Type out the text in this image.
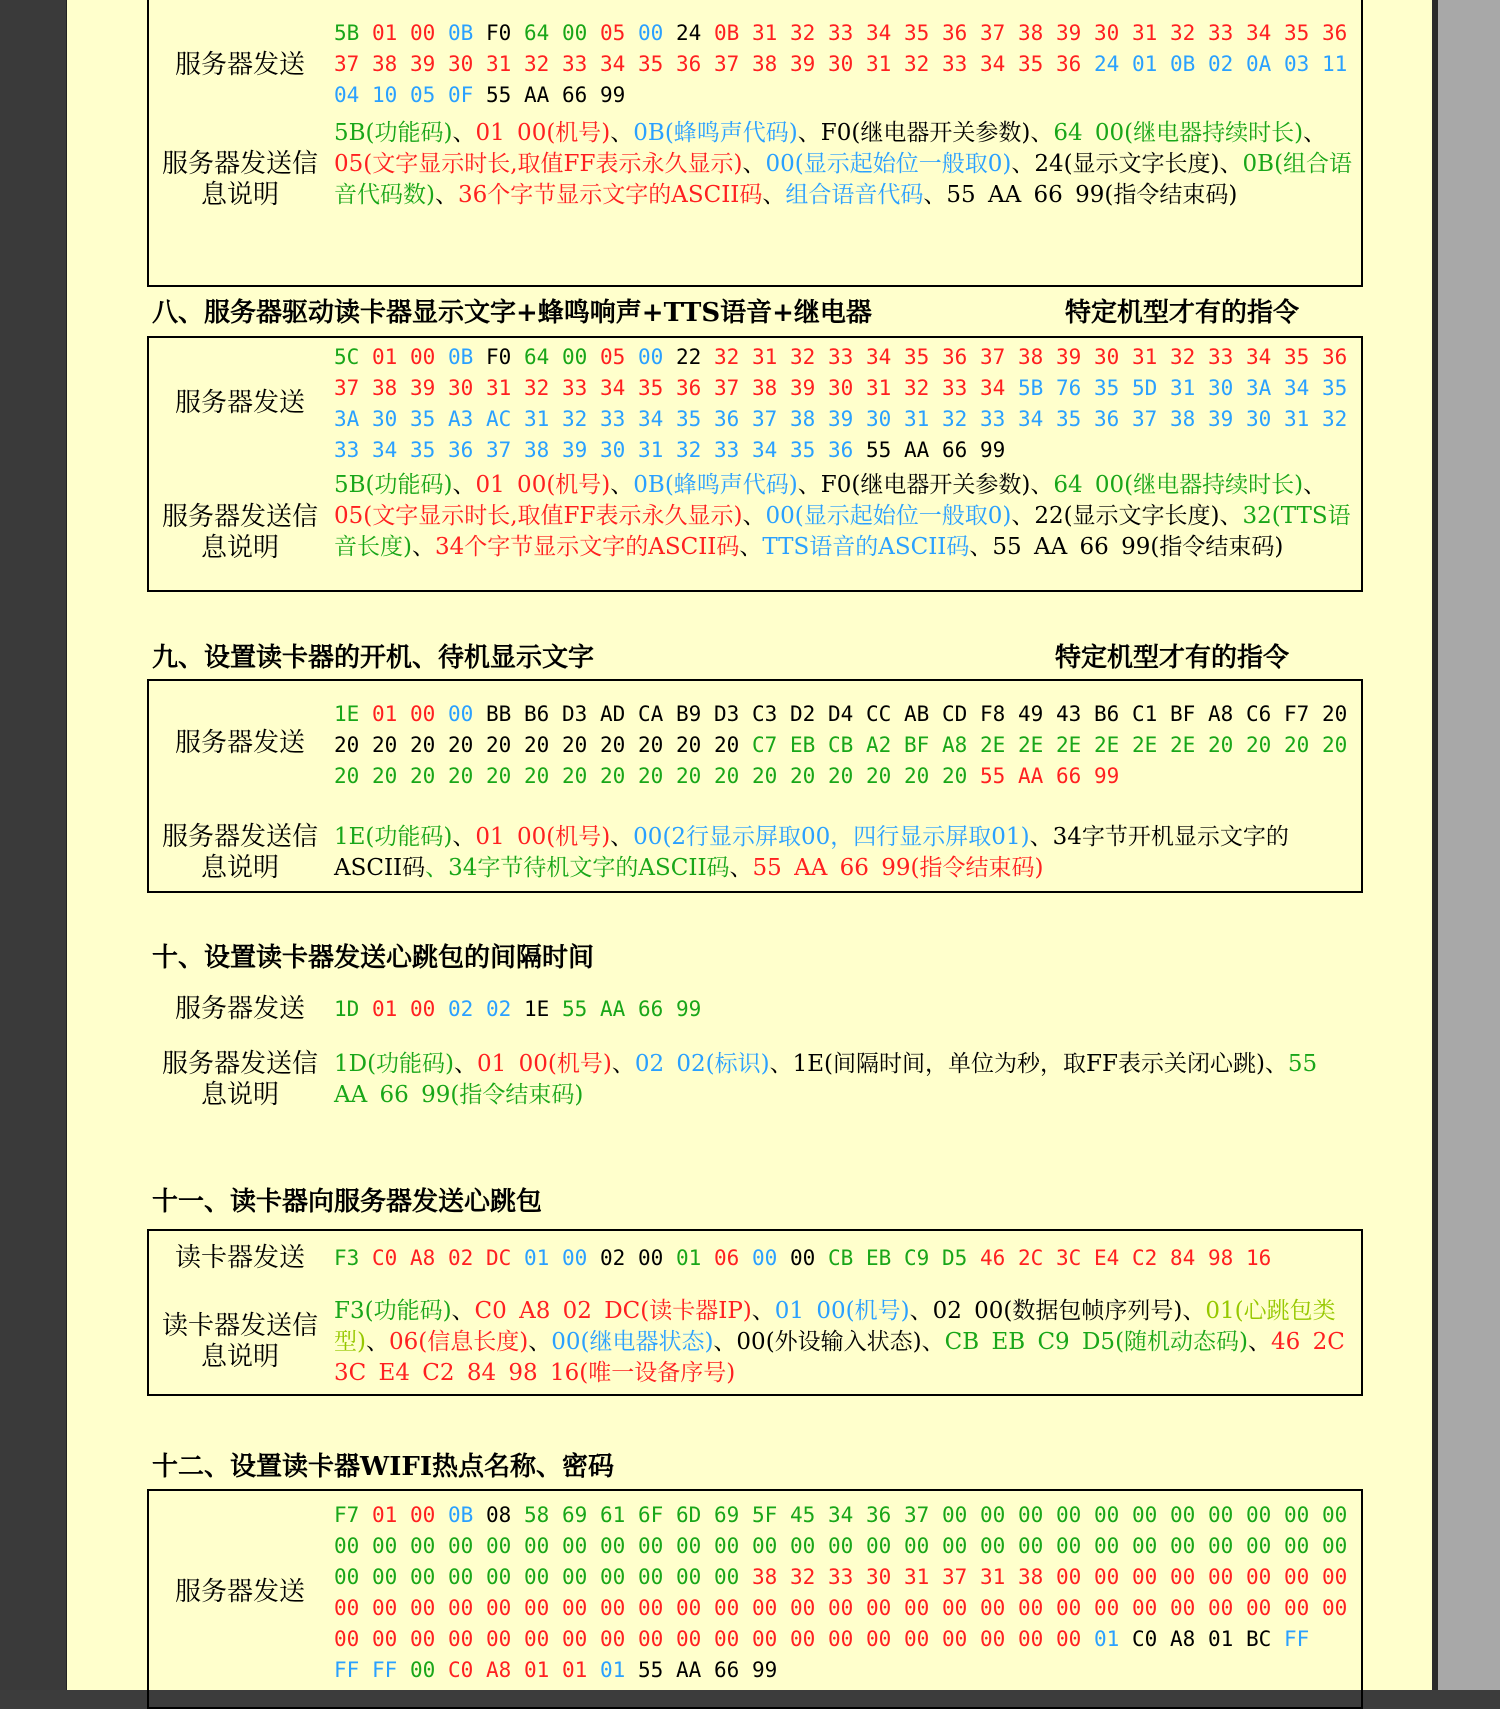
服务器发送
5B 01 00 0B F0 64 00 05 00 24 0B 31 32 33 34 35 36 37 38 39 30 31 32 33 34 35 36
37 38 39 30 31 32 33 34 35 36 37 38 39 30 31 32 33 34 35 36 24 01 0B 02 0A 03 11
04 10 05 0F 55 AA 66 99
服务器发送信
息说明
5B(功能码)、01 00(机号)、0B(蜂鸣声代码)、F0(继电器开关参数)、64 00(继电器持续时长)、05(文字显示时长,取值FF表示永久显示)、00(显示起始位一般取0)、24(显示文字长度)、0B(组合语音代码数)、36个字节显示文字的ASCII码、组合语音代码、55 AA 66 99(指令结束码)
八、服务器驱动读卡器显示文字+蜂鸣响声+TTS语音+继电器	特定机型才有的指令
服务器发送
5C 01 00 0B F0 64 00 05 00 22 32 31 32 33 34 35 36 37 38 39 30 31 32 33 34 35 36
37 38 39 30 31 32 33 34 35 36 37 38 39 30 31 32 33 34 5B 76 35 5D 31 30 3A 34 35
3A 30 35 A3 AC 31 32 33 34 35 36 37 38 39 30 31 32 33 34 35 36 37 38 39 30 31 32
33 34 35 36 37 38 39 30 31 32 33 34 35 36 55 AA 66 99
服务器发送信
息说明
5B(功能码)、01 00(机号)、0B(蜂鸣声代码)、F0(继电器开关参数)、64 00(继电器持续时长)、05(文字显示时长,取值FF表示永久显示)、00(显示起始位一般取0)、22(显示文字长度)、32(TTS语音长度)、34个字节显示文字的ASCII码、TTS语音的ASCII码、55 AA 66 99(指令结束码)
九、设置读卡器的开机、待机显示文字	特定机型才有的指令
服务器发送
1E 01 00 00 BB B6 D3 AD CA B9 D3 C3 D2 D4 CC AB CD F8 49 43 B6 C1 BF A8 C6 F7 20
20 20 20 20 20 20 20 20 20 20 20 C7 EB CB A2 BF A8 2E 2E 2E 2E 2E 2E 20 20 20 20
20 20 20 20 20 20 20 20 20 20 20 20 20 20 20 20 20 55 AA 66 99
服务器发送信
息说明
1E(功能码)、01 00(机号)、00(2行显示屏取00，四行显示屏取01)、34字节开机显示文字的ASCII码、34字节待机文字的ASCII码、55 AA 66 99(指令结束码)
十、设置读卡器发送心跳包的间隔时间
服务器发送	1D 01 00 02 02 1E 55 AA 66 99
服务器发送信
息说明
1D(功能码)、01 00(机号)、02 02(标识)、1E(间隔时间，单位为秒，取FF表示关闭心跳)、55 AA 66 99(指令结束码)
十一、读卡器向服务器发送心跳包
读卡器发送	F3 C0 A8 02 DC 01 00 02 00 01 06 00 00 CB EB C9 D5 46 2C 3C E4 C2 84 98 16
读卡器发送信
息说明
F3(功能码)、C0 A8 02 DC(读卡器IP)、01 00(机号)、02 00(数据包帧序列号)、01(心跳包类型)、06(信息长度)、00(继电器状态)、00(外设输入状态)、CB EB C9 D5(随机动态码)、46 2C 3C E4 C2 84 98 16(唯一设备序号)
十二、设置读卡器WIFI热点名称、密码
服务器发送
F7 01 00 0B 08 58 69 61 6F 6D 69 5F 45 34 36 37 00 00 00 00 00 00 00 00 00 00 00
00 00 00 00 00 00 00 00 00 00 00 00 00 00 00 00 00 00 00 00 00 00 00 00 00 00 00
00 00 00 00 00 00 00 00 00 00 00 38 32 33 30 31 37 31 38 00 00 00 00 00 00 00 00
00 00 00 00 00 00 00 00 00 00 00 00 00 00 00 00 00 00 00 00 00 00 00 00 00 00 00
00 00 00 00 00 00 00 00 00 00 00 00 00 00 00 00 00 00 00 00 01 C0 A8 01 BC FF
FF FF 00 C0 A8 01 01 01 55 AA 66 99
